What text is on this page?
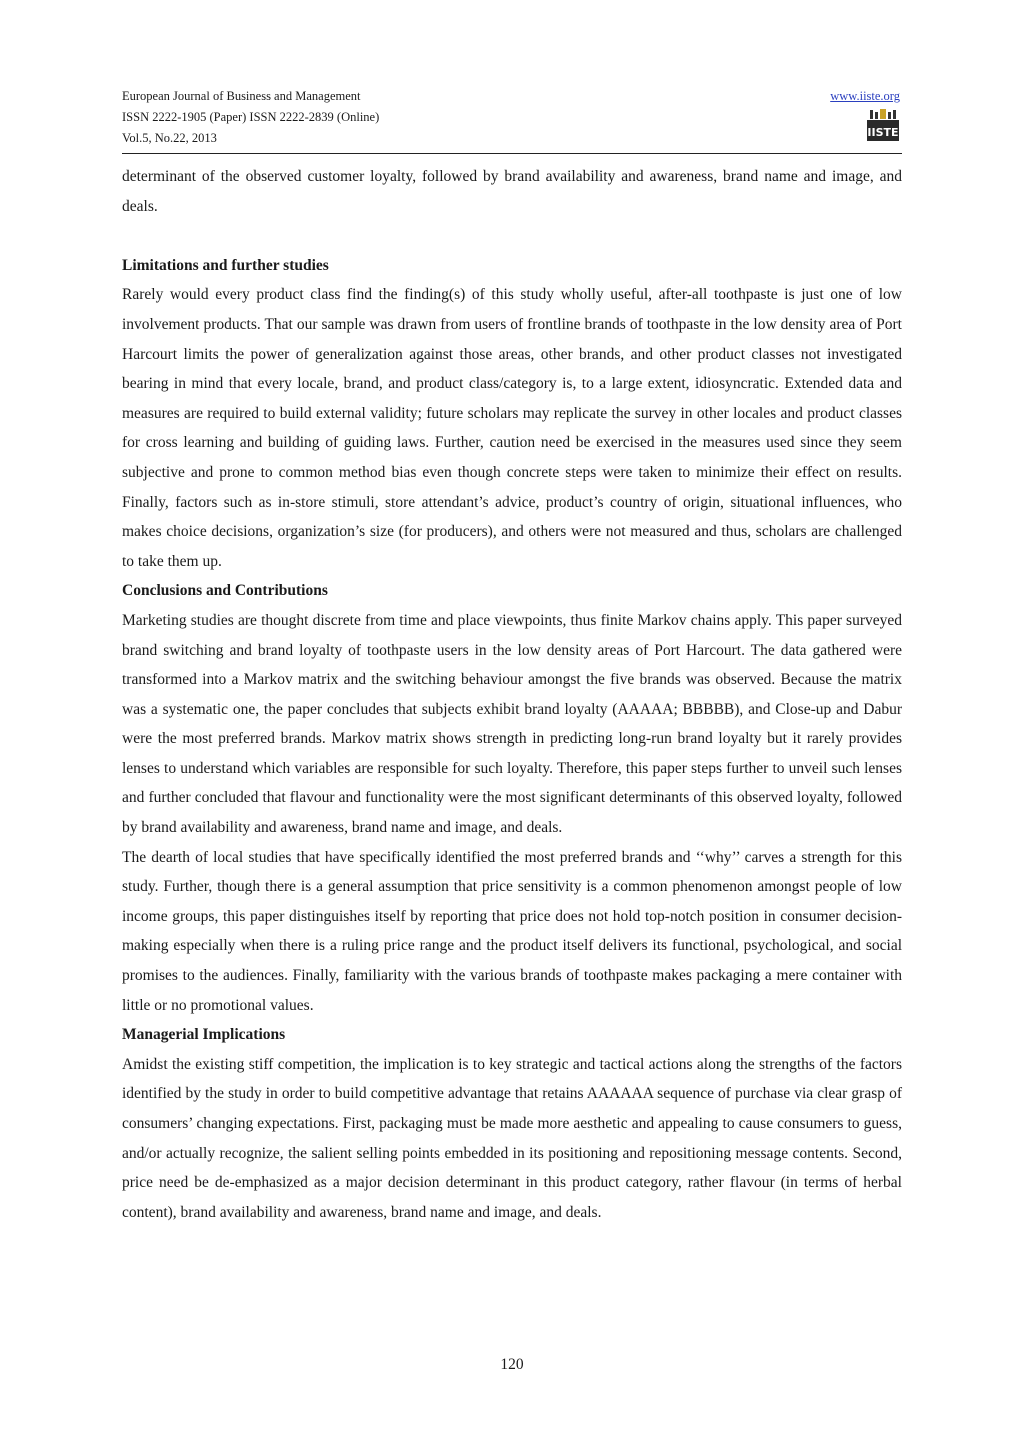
European Journal of Business and Management
ISSN 2222-1905 (Paper) ISSN 2222-2839 (Online)
Vol.5, No.22, 2013
www.iiste.org
IISTE

determinant of the observed customer loyalty, followed by brand availability and awareness, brand name and image, and deals.

Limitations and further studies

Rarely would every product class find the finding(s) of this study wholly useful, after-all toothpaste is just one of low involvement products. That our sample was drawn from users of frontline brands of toothpaste in the low density area of Port Harcourt limits the power of generalization against those areas, other brands, and other product classes not investigated bearing in mind that every locale, brand, and product class/category is, to a large extent, idiosyncratic. Extended data and measures are required to build external validity; future scholars may replicate the survey in other locales and product classes for cross learning and building of guiding laws. Further, caution need be exercised in the measures used since they seem subjective and prone to common method bias even though concrete steps were taken to minimize their effect on results. Finally, factors such as in-store stimuli, store attendant’s advice, product’s country of origin, situational influences, who makes choice decisions, organization’s size (for producers), and others were not measured and thus, scholars are challenged to take them up.

Conclusions and Contributions

Marketing studies are thought discrete from time and place viewpoints, thus finite Markov chains apply. This paper surveyed brand switching and brand loyalty of toothpaste users in the low density areas of Port Harcourt. The data gathered were transformed into a Markov matrix and the switching behaviour amongst the five brands was observed. Because the matrix was a systematic one, the paper concludes that subjects exhibit brand loyalty (AAAAA; BBBBB), and Close-up and Dabur were the most preferred brands. Markov matrix shows strength in predicting long-run brand loyalty but it rarely provides lenses to understand which variables are responsible for such loyalty. Therefore, this paper steps further to unveil such lenses and further concluded that flavour and functionality were the most significant determinants of this observed loyalty, followed by brand availability and awareness, brand name and image, and deals.

The dearth of local studies that have specifically identified the most preferred brands and ‘‘why’’ carves a strength for this study. Further, though there is a general assumption that price sensitivity is a common phenomenon amongst people of low income groups, this paper distinguishes itself by reporting that price does not hold top-notch position in consumer decision-making especially when there is a ruling price range and the product itself delivers its functional, psychological, and social promises to the audiences. Finally, familiarity with the various brands of toothpaste makes packaging a mere container with little or no promotional values.

Managerial Implications

Amidst the existing stiff competition, the implication is to key strategic and tactical actions along the strengths of the factors identified by the study in order to build competitive advantage that retains AAAAAA sequence of purchase via clear grasp of consumers’ changing expectations. First, packaging must be made more aesthetic and appealing to cause consumers to guess, and/or actually recognize, the salient selling points embedded in its positioning and repositioning message contents. Second, price need be de-emphasized as a major decision determinant in this product category, rather flavour (in terms of herbal content), brand availability and awareness, brand name and image, and deals.

120
